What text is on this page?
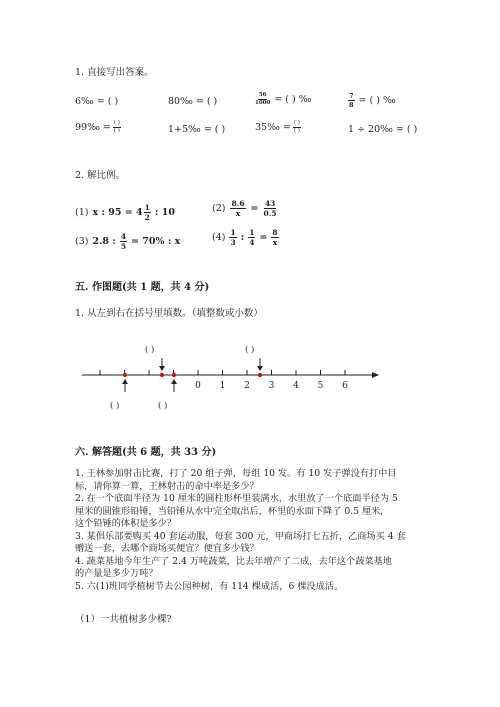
1. 直接写出答案。
6‰ = ( )	80‰ = ( )	$\frac{56}{1000}$ = ( ) ‰	$\frac{7}{8}$ = ( ) ‰
99‰ = $\frac{( )}{( )}$	1+5‰ = ( )	35‰ = $\frac{( )}{( )}$	1 ÷ 20‰ = ( )
2. 解比例。
(1) x : $95 = 4 \frac{1}{2}$ : 10	$(2) \frac{8.6}{x} = \frac{43}{0.5}$
(3) 2.8 : $\frac{4}{5} = 70\%$ : x	$(4) \frac{1}{3}$ : $\frac{1}{4} = \frac{8}{x}$
五. 作图题(共 1 题，共 4 分)
1. 从左到右在括号里填数。（填整数或小数）
( )	( )
( )	( )
0 1 2 3 4 5 6
六. 解答题(共 6 题，共 33 分)
1. 王林参加射击比赛，打了 20 组子弹，每组 10 发。有 10 发子弹没有打中目
标，请你算一算，王林射击的命中率是多少？
2. 在一个底面半径为 10 厘米的圆柱形杯里装满水，水里放了一个底面半径为 5
厘米的圆锥形铅锤，当铅锤从水中完全取出后，杯里的水面下降了 0.5 厘米，
这个铅锤的体积是多少？
3. 某俱乐部要购买 40 套运动服，每套 300 元，甲商场打七五折，乙商场买 4 套
赠送一套，去哪个商场买便宜？便宜多少钱？
4. 蔬菜基地今年生产了 2.4 万吨蔬菜，比去年增产了二成，去年这个蔬菜基地
的产量是多少万吨？
5. 六(1)班同学植树节去公园种树，有 114 棵成活，6 棵没成活。
（1）一共植树多少棵?
